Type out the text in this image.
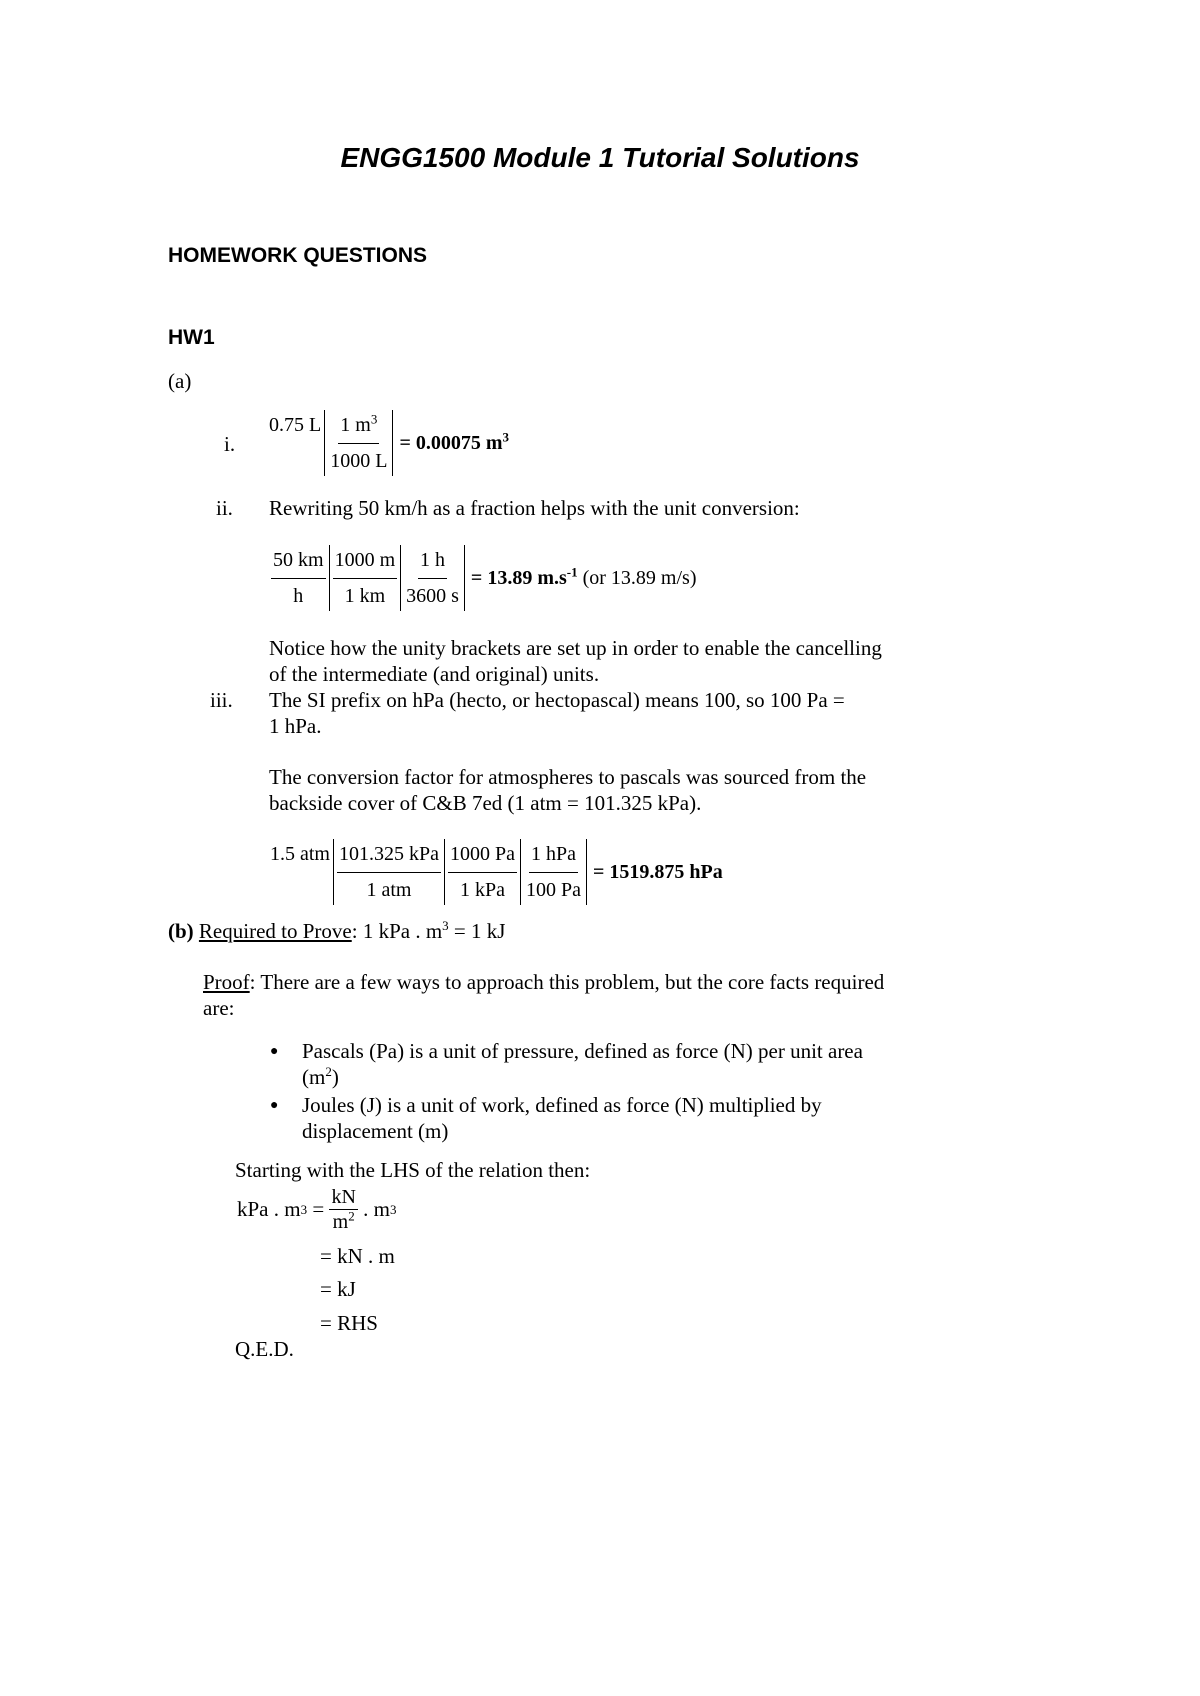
ENGG1500 Module 1 Tutorial Solutions
HOMEWORK QUESTIONS
HW1
(a)
i.
0.75 L $\frac{1 m^3}{1000 L} = 0.00075$ $m^3$
ii. Rewriting 50 km/h as a fraction helps with the unit conversion:
$\frac{50 km}{h} \frac{1000 m}{1 km} \frac{1 h}{3600 s} = 13.89$ $m.s^{-1}$ (or 13.89 m/s)
Notice how the unity brackets are set up in order to enable the cancelling
of the intermediate (and original) units.
iii. The SI prefix on hPa (hecto, or hectopascal) means 100, so 100 Pa =
1 hPa.
The conversion factor for atmospheres to pascals was sourced from the
backside cover of C&B 7ed (1 atm = 101.325 kPa).
1.5 atm $\frac{\text{101.325 kPa}}{\text{1 atm}} \frac{1000 Pa}{\text{1 kPa}} \frac{\text{1 hPa}}{100 Pa} = 1519.875$ hPa
(b) Required to Prove: 1 kPa . $m^3 = 1$ kJ
Proof: There are a few ways to approach this problem, but the core facts required
are:
● Pascals (Pa) is a unit of pressure, defined as force (N) per unit area
$(m^2)$
● Joules (J) is a unit of work, defined as force (N) multiplied by
displacement (m)
Starting with the LHS of the relation then:
kPa . m $3 = \frac{kN}{m^2}$ . m 3
= kN . m
= kJ
= RHS
Q.E.D.
